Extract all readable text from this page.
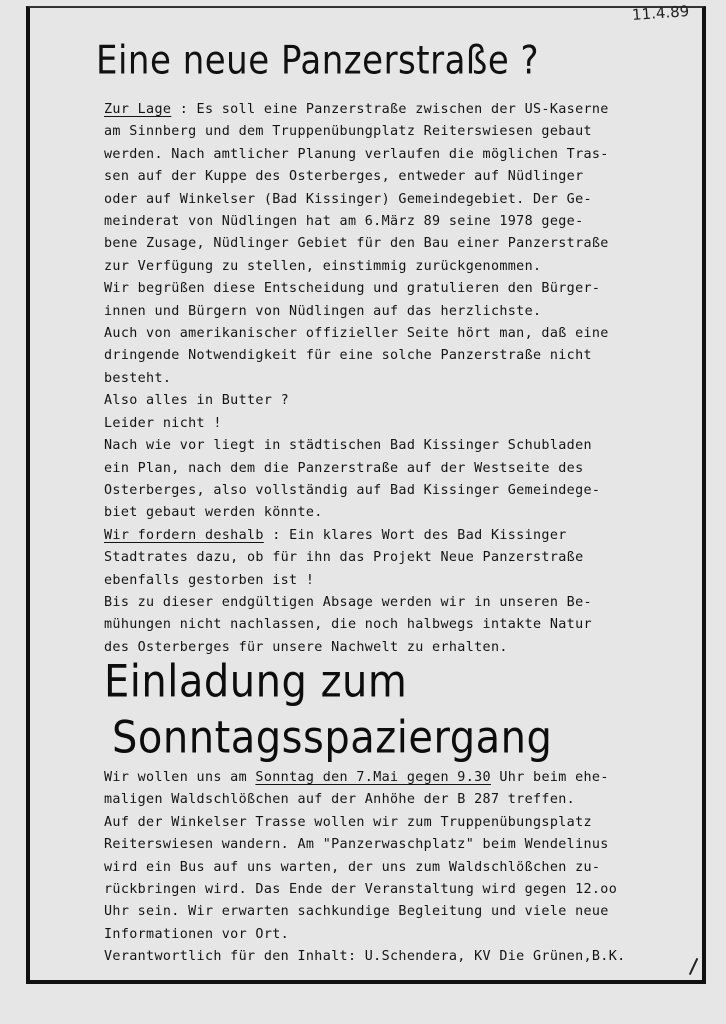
11.4.89
Eine neue Panzerstraße ?
Zur Lage : Es soll eine Panzerstraße zwischen der US-Kaserne
am Sinnberg und dem Truppenübungplatz Reiterswiesen gebaut
werden. Nach amtlicher Planung verlaufen die möglichen Tras-
sen auf der Kuppe des Osterberges, entweder auf Nüdlinger
oder auf Winkelser (Bad Kissinger) Gemeindegebiet. Der Ge-
meinderat von Nüdlingen hat am 6.März 89 seine 1978 gege-
bene Zusage, Nüdlinger Gebiet für den Bau einer Panzerstraße
zur Verfügung zu stellen, einstimmig zurückgenommen.
Wir begrüßen diese Entscheidung und gratulieren den Bürger-
innen und Bürgern von Nüdlingen auf das herzlichste.
Auch von amerikanischer offizieller Seite hört man, daß eine
dringende Notwendigkeit für eine solche Panzerstraße nicht
besteht.
Also alles in Butter ?
Leider nicht !
Nach wie vor liegt in städtischen Bad Kissinger Schubladen
ein Plan, nach dem die Panzerstraße auf der Westseite des
Osterberges, also vollständig auf Bad Kissinger Gemeindege-
biet gebaut werden könnte.
Wir fordern deshalb : Ein klares Wort des Bad Kissinger
Stadtrates dazu, ob für ihn das Projekt Neue Panzerstraße
ebenfalls gestorben ist !
Bis zu dieser endgültigen Absage werden wir in unseren Be-
mühungen nicht nachlassen, die noch halbwegs intakte Natur
des Osterberges für unsere Nachwelt zu erhalten.
Einladung zum
Sonntagsspaziergang
Wir wollen uns am Sonntag den 7.Mai gegen 9.30 Uhr beim ehe-
maligen Waldschlößchen auf der Anhöhe der B 287 treffen.
Auf der Winkelser Trasse wollen wir zum Truppenübungsplatz
Reiterswiesen wandern. Am "Panzerwaschplatz" beim Wendelinus
wird ein Bus auf uns warten, der uns zum Waldschlößchen zu-
rückbringen wird. Das Ende der Veranstaltung wird gegen 12.oo
Uhr sein. Wir erwarten sachkundige Begleitung und viele neue
Informationen vor Ort.
Verantwortlich für den Inhalt: U.Schendera, KV Die Grünen,B.K.
